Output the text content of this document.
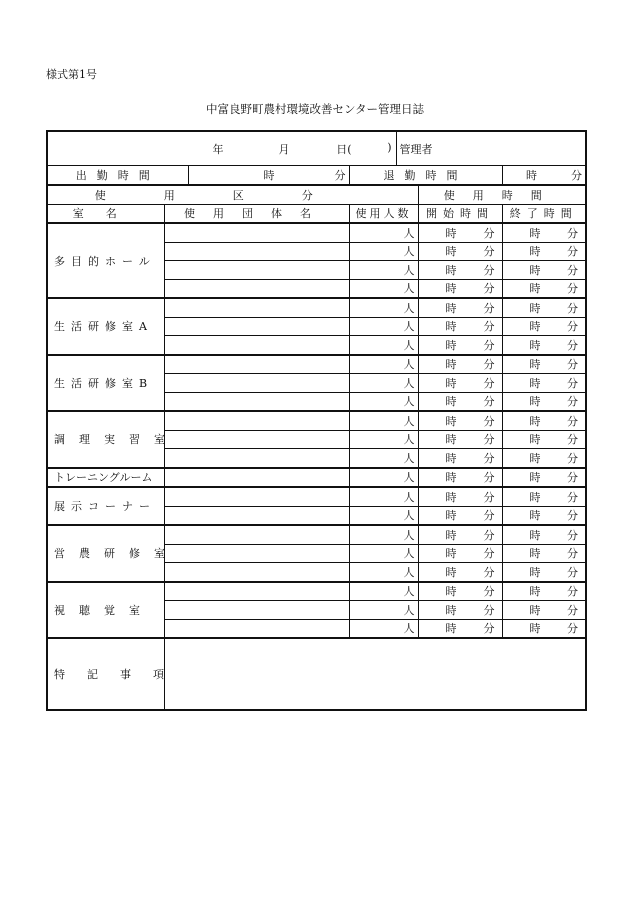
様式第1号
中富良野町農村環境改善センター管理日誌
年 月 日( )				管理者		
出勤時間		時 分	退勤時間			時 分
使用区分					使用時間	
室名	使用団体名		使用人数		開始時間	終了時間
多目的ホール			人		時 分	時 分

			人		時 分	時 分

			人		時 分	時 分

			人		時 分	時 分

生活研修室A			人		時 分	時 分

			人		時 分	時 分

			人		時 分	時 分

生活研修室B			人		時 分	時 分

			人		時 分	時 分

			人		時 分	時 分

調理実習室			人		時 分	時 分

			人		時 分	時 分

			人		時 分	時 分

トレーニングルーム			人		時 分	時 分

展示コーナー			人		時 分	時 分

			人		時 分	時 分

営農研修室			人		時 分	時 分

			人		時 分	時 分

			人		時 分	時 分

視聴覚室			人		時 分	時 分

			人		時 分	時 分

			人		時 分	時 分

特記事項						
